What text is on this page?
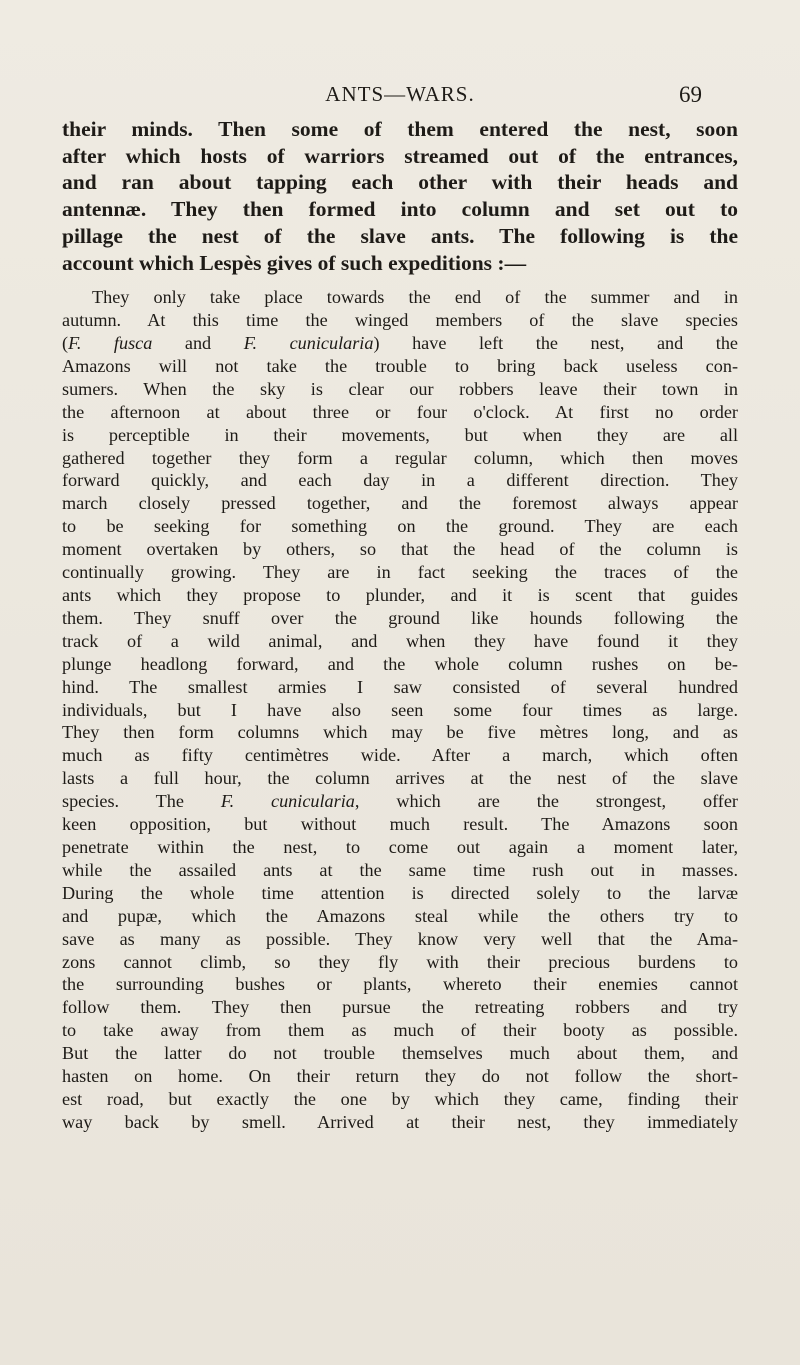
ANTS—WARS.	69

their minds. Then some of them entered the nest, soon
after which hosts of warriors streamed out of the entrances,
and ran about tapping each other with their heads and
antennæ. They then formed into column and set out to
pillage the nest of the slave ants. The following is the
account which Lespès gives of such expeditions :—

They only take place towards the end of the summer and in
autumn. At this time the winged members of the slave species
(F. fusca and F. cunicularia) have left the nest, and the
Amazons will not take the trouble to bring back useless con-
sumers. When the sky is clear our robbers leave their town in
the afternoon at about three or four o'clock. At first no order
is perceptible in their movements, but when they are all
gathered together they form a regular column, which then moves
forward quickly, and each day in a different direction. They
march closely pressed together, and the foremost always appear
to be seeking for something on the ground. They are each
moment overtaken by others, so that the head of the column is
continually growing. They are in fact seeking the traces of the
ants which they propose to plunder, and it is scent that guides
them. They snuff over the ground like hounds following the
track of a wild animal, and when they have found it they
plunge headlong forward, and the whole column rushes on be-
hind. The smallest armies I saw consisted of several hundred
individuals, but I have also seen some four times as large.
They then form columns which may be five mètres long, and as
much as fifty centimètres wide. After a march, which often
lasts a full hour, the column arrives at the nest of the slave
species. The F. cunicularia, which are the strongest, offer
keen opposition, but without much result. The Amazons soon
penetrate within the nest, to come out again a moment later,
while the assailed ants at the same time rush out in masses.
During the whole time attention is directed solely to the larvæ
and pupæ, which the Amazons steal while the others try to
save as many as possible. They know very well that the Ama-
zons cannot climb, so they fly with their precious burdens to
the surrounding bushes or plants, whereto their enemies cannot
follow them. They then pursue the retreating robbers and try
to take away from them as much of their booty as possible.
But the latter do not trouble themselves much about them, and
hasten on home. On their return they do not follow the short-
est road, but exactly the one by which they came, finding their
way back by smell. Arrived at their nest, they immediately
